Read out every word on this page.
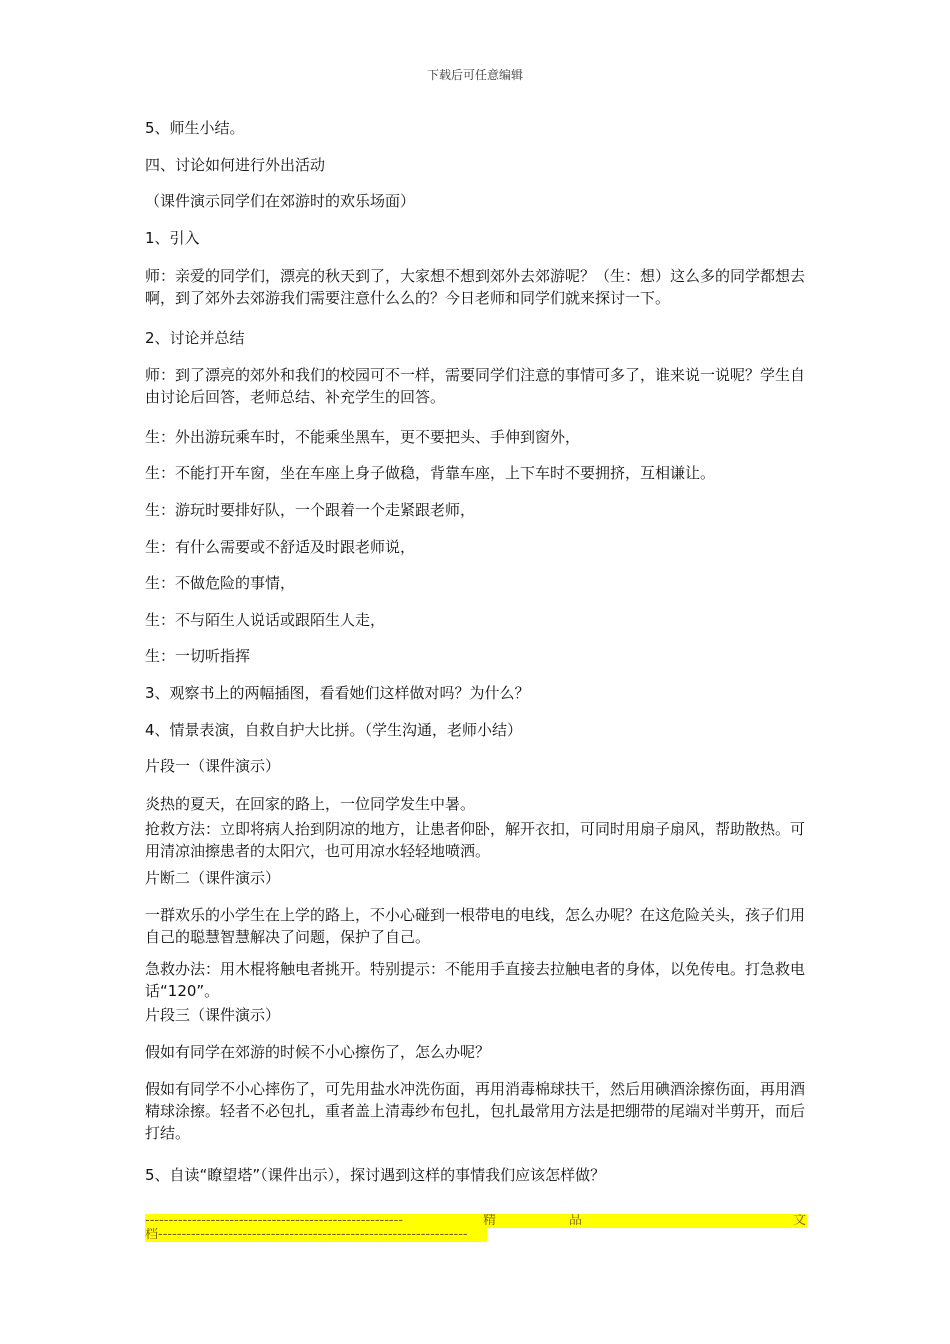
下载后可任意编辑
5、师生小结。
四、讨论如何进行外出活动
（课件演示同学们在郊游时的欢乐场面）
1、引入
师：亲爱的同学们，漂亮的秋天到了，大家想不想到郊外去郊游呢？（生：想）这么多的同学都想去啊，到了郊外去郊游我们需要注意什么么的？今日老师和同学们就来探讨一下。
2、讨论并总结
师：到了漂亮的郊外和我们的校园可不一样，需要同学们注意的事情可多了，谁来说一说呢？学生自由讨论后回答，老师总结、补充学生的回答。
生：外出游玩乘车时，不能乘坐黑车，更不要把头、手伸到窗外，
生：不能打开车窗，坐在车座上身子做稳，背靠车座，上下车时不要拥挤，互相谦让。
生：游玩时要排好队，一个跟着一个走紧跟老师，
生：有什么需要或不舒适及时跟老师说，
生：不做危险的事情，
生：不与陌生人说话或跟陌生人走，
生：一切听指挥
3、观察书上的两幅插图，看看她们这样做对吗？为什么？
4、情景表演，自救自护大比拼。（学生沟通，老师小结）
片段一（课件演示）
炎热的夏天，在回家的路上，一位同学发生中暑。
抢救方法：立即将病人抬到阴凉的地方，让患者仰卧，解开衣扣，可同时用扇子扇风，帮助散热。可用清凉油擦患者的太阳穴，也可用凉水轻轻地喷洒。
片断二（课件演示）
一群欢乐的小学生在上学的路上，不小心碰到一根带电的电线，怎么办呢？在这危险关头，孩子们用自己的聪慧智慧解决了问题，保护了自己。
急救办法：用木棍将触电者挑开。特别提示：不能用手直接去拉触电者的身体，以免传电。打急救电话“120”。
片段三（课件演示）
假如有同学在郊游的时候不小心擦伤了，怎么办呢？
假如有同学不小心摔伤了，可先用盐水冲洗伤面，再用消毒棉球扶干，然后用碘酒涂擦伤面，再用酒精球涂擦。轻者不必包扎，重者盖上清毒纱布包扎，包扎最常用方法是把绷带的尾端对半剪开，而后打结。
5、自读“瞭望塔”（课件出示），探讨遇到这样的事情我们应该怎样做？
-------------------------------------------------------	精	品	文
档------------------------------------------------------------------
